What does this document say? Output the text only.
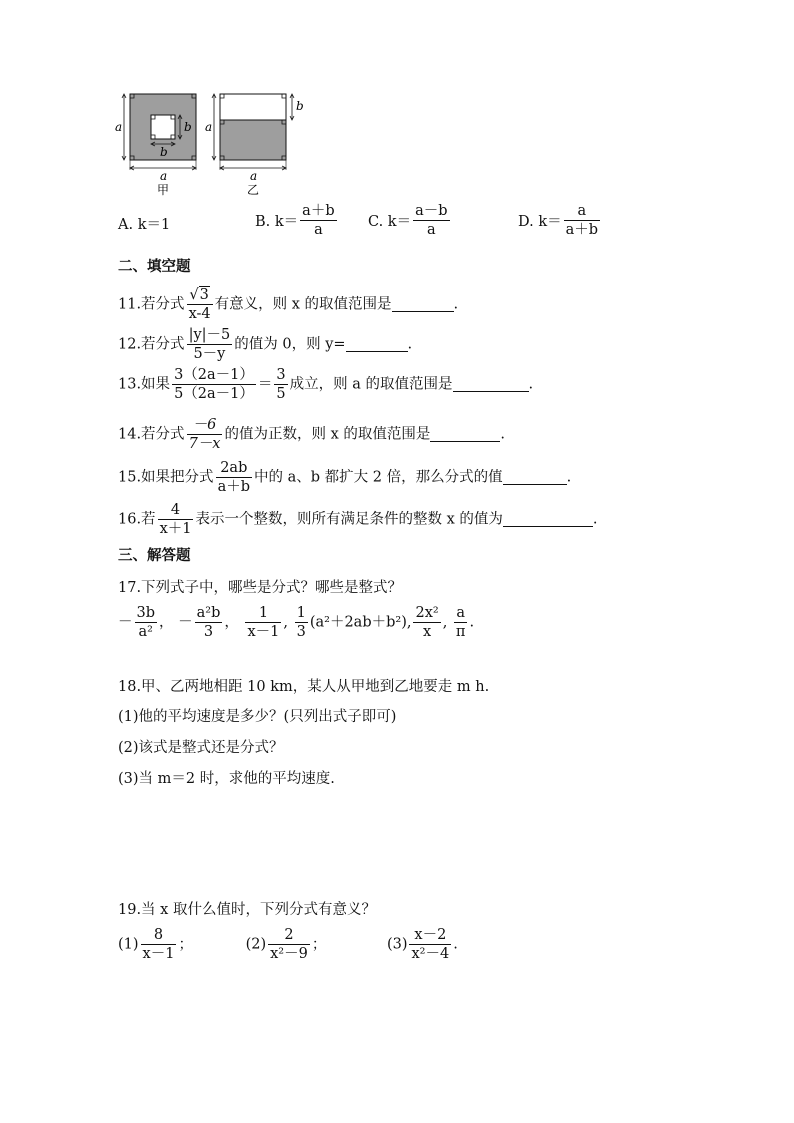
a
a
b
b
甲
a
b
a
乙
A. k＝1	B. $k= \frac{a+b}{a} C$. $k= \frac{a-b}{a}$	D. $k= \frac{a}{a+b}$
二、填空题
11.若分式 $\frac{√3}{x-4}$ 有意义，则 x 的取值范围是	.
12.若分式 $\frac{|y|-5}{5-y}$ 的值为 0，则 y=	.
13.如果 $\frac{3(2a-1)}{5(2a-1)} = \frac{3}{5}$ 成立，则 a 的取值范围是	.
14.若分式 $\frac{-6}{7-x}$ 的值为正数，则 x 的取值范围是	.
15.如果把分式 $\frac{2ab}{a+b}$ 中的 a、b 都扩大 2 倍，那么分式的值	.
16.若 $\frac{4}{x+1}$ 表示一个整数，则所有满足条件的整数 x 的值为	.
三、解答题
17.下列式子中，哪些是分式？哪些是整式？
－ $\frac{3b}{\text{a²}}$ ， － $\frac{\text{a²b}}{3}$ ， $\frac{1}{x-1}$ , $\frac{1}{3} (a^2+2ab+b^2)$, $\frac{\text{2x²}}{x}$ , $\frac{a}{\pi}$ .
18.甲、乙两地相距 10 km，某人从甲地到乙地要走 m h.
(1)他的平均速度是多少？(只列出式子即可)
(2)该式是整式还是分式？
(3)当 m＝2 时，求他的平均速度.
19.当 x 取什么值时，下列分式有意义？
$(1) \frac{8}{x-1}$ ；	$(2) \frac{2}{\text{x²－9}}$ ；	$(3) \frac{x-2}{\text{x²－4}}$ .
